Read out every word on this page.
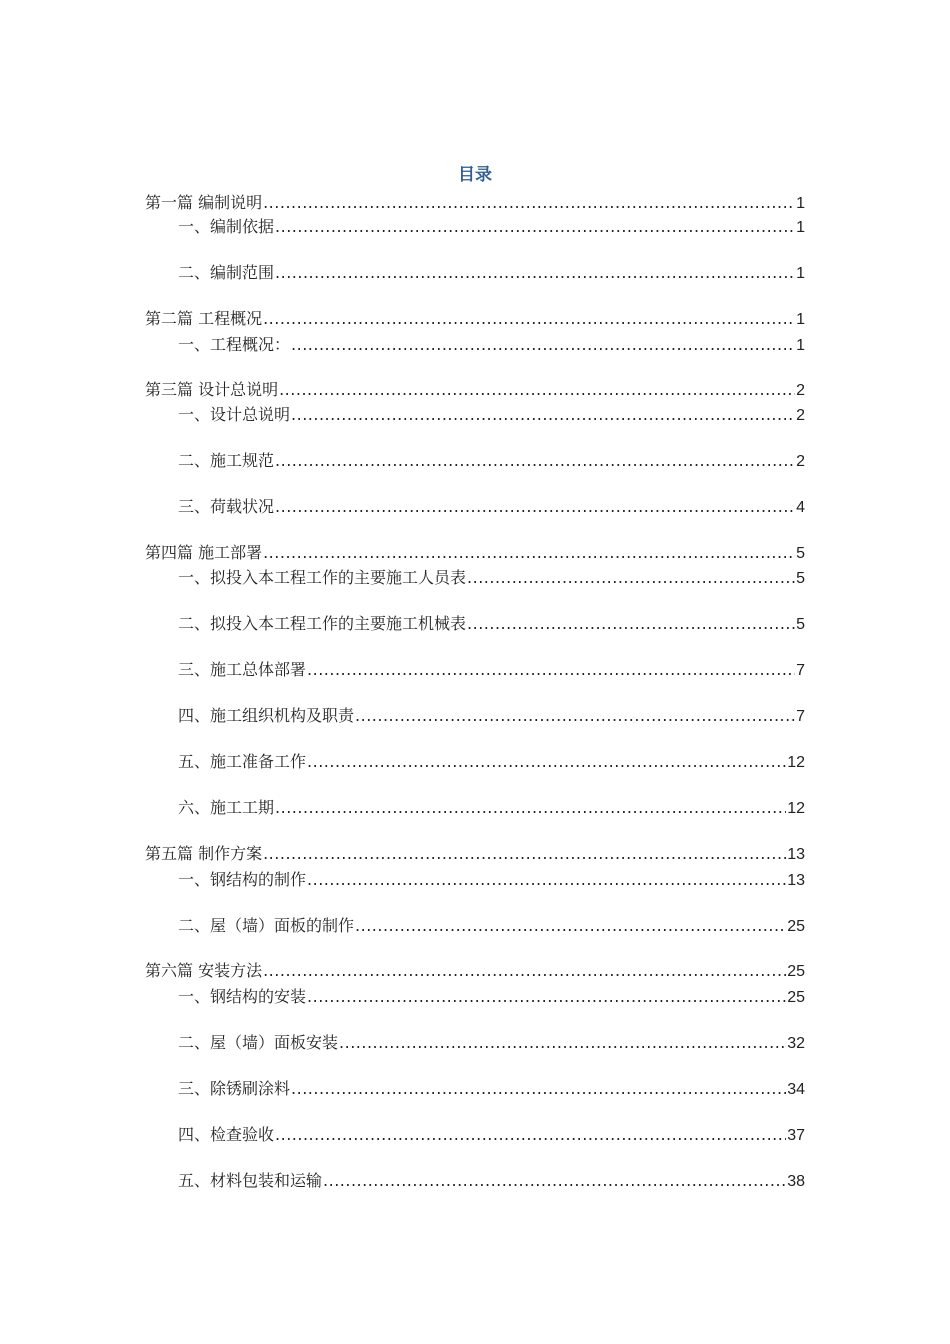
目录
第一篇 编制说明 .....	1
一、编制依据 .....	1
二、编制范围 .....	1
第二篇 工程概况 .....	1
一、工程概况： .....	1
第三篇 设计总说明 .....	2
一、设计总说明 .....	2
二、施工规范 .....	2
三、荷载状况 .....	4
第四篇 施工部署 .....	5
一、拟投入本工程工作的主要施工人员表 .....	5
二、拟投入本工程工作的主要施工机械表 .....	5
三、施工总体部署 .....	7
四、施工组织机构及职责 .....	7
五、施工准备工作 .....	12
六、施工工期 .....	12
第五篇 制作方案 .....	13
一、钢结构的制作 .....	13
二、屋（墙）面板的制作 .....	25
第六篇 安装方法 .....	25
一、钢结构的安装 .....	25
二、屋（墙）面板安装 .....	32
三、除锈刷涂料 .....	34
四、检查验收 .....	37
五、材料包装和运输 .....	38
